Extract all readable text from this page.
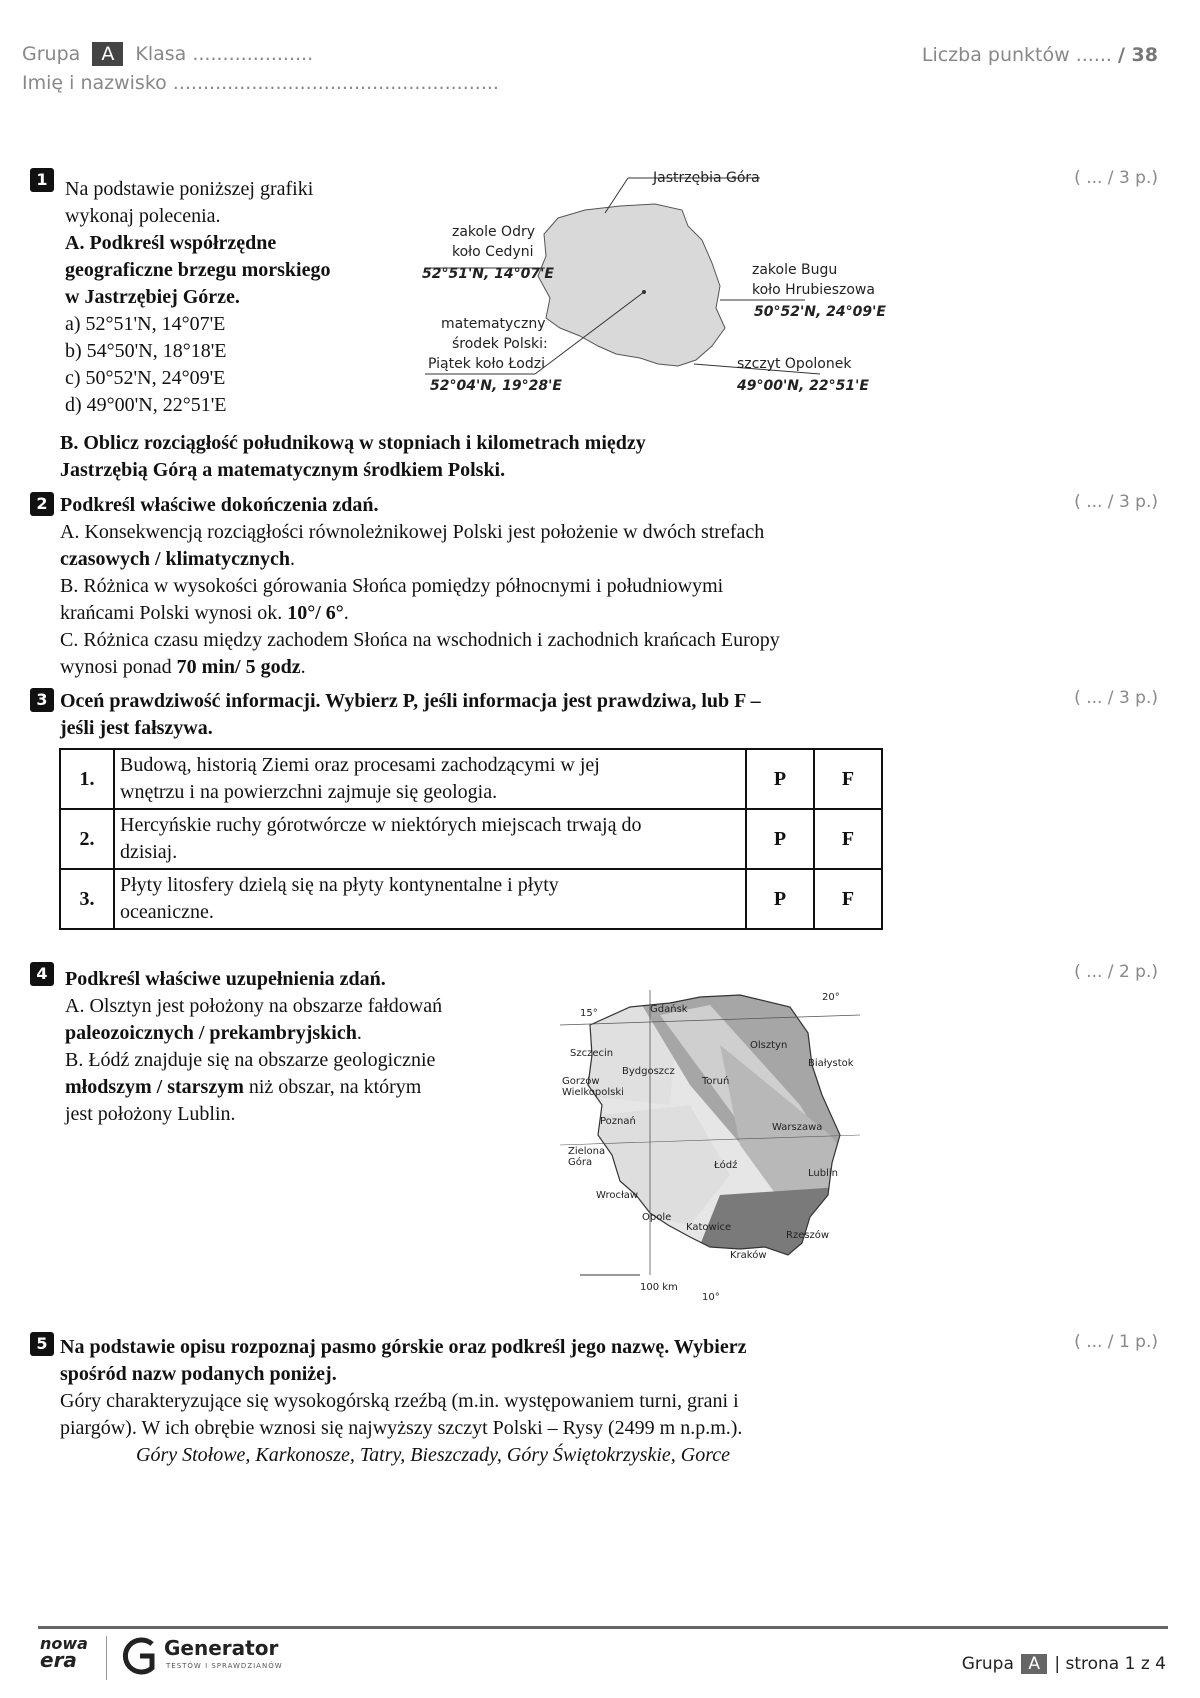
Grupa A Klasa ....................
Imię i nazwisko ......................................................
Liczba punktów ...... / 38
1	( ... / 3 p.)
Na podstawie poniższej grafiki
wykonaj polecenia.
A. Podkreśl współrzędne
geograficzne brzegu morskiego
w Jastrzębiej Górze.
a) 52°51'N, 14°07'E
b) 54°50'N, 18°18'E
c) 50°52'N, 24°09'E
d) 49°00'N, 22°51'E
Jastrzębia Góra
zakole Odry
koło Cedyni
52°51'N, 14°07'E	zakole Bugu
koło Hrubieszowa
50°52'N, 24°09'E
matematyczny
środek Polski:
Piątek koło Łodzi
52°04'N, 19°28'E
szczyt Opolonek
49°00'N, 22°51'E
B. Oblicz rozciągłość południkową w stopniach i kilometrach między
Jastrzębią Górą a matematycznym środkiem Polski.
2	( ... / 3 p.)
Podkreśl właściwe dokończenia zdań.
A. Konsekwencją rozciągłości równoleżnikowej Polski jest położenie w dwóch strefach
czasowych / klimatycznych.
B. Różnica w wysokości górowania Słońca pomiędzy północnymi i południowymi
krańcami Polski wynosi ok. 10°/ 6°.
C. Różnica czasu między zachodem Słońca na wschodnich i zachodnich krańcach Europy
wynosi ponad 70 min/ 5 godz.
3	( ... / 3 p.)
Oceń prawdziwość informacji. Wybierz P, jeśli informacja jest prawdziwa, lub F –
jeśli jest fałszywa.
1.	Budową, historią Ziemi oraz procesami zachodzącymi w jej
wnętrzu i na powierzchni zajmuje się geologia.	P	F
2.	Hercyńskie ruchy górotwórcze w niektórych miejscach trwają do
dzisiaj.	P	F
3.	Płyty litosfery dzielą się na płyty kontynentalne i płyty
oceaniczne.	P	F
4	( ... / 2 p.)
Podkreśl właściwe uzupełnienia zdań.
A. Olsztyn jest położony na obszarze fałdowań
paleozoicznych / prekambryjskich.
B. Łódź znajduje się na obszarze geologicznie
młodszym / starszym niż obszar, na którym
jest położony Lublin.
Gdańsk
Olsztyn
Białystok
Szczecin
Bydgoszcz
Toruń
Gorzów Wielkopolski
Poznań
Warszawa
Zielona Góra	Łódź
Lublin
Wrocław
Opole
Katowice
Rzeszów
Kraków
100 km
15°
20°
10°
5	( ... / 1 p.)
Na podstawie opisu rozpoznaj pasmo górskie oraz podkreśl jego nazwę. Wybierz
spośród nazw podanych poniżej.
Góry charakteryzujące się wysokogórską rzeźbą (m.in. występowaniem turni, grani i
piargów). W ich obrębie wznosi się najwyższy szczyt Polski – Rysy (2499 m n.p.m.).
Góry Stołowe, Karkonosze, Tatry, Bieszczady, Góry Świętokrzyskie, Gorce
nowa
era	Generator
TESTÓW I SPRAWDZIANÓW	Grupa A | strona 1 z 4
